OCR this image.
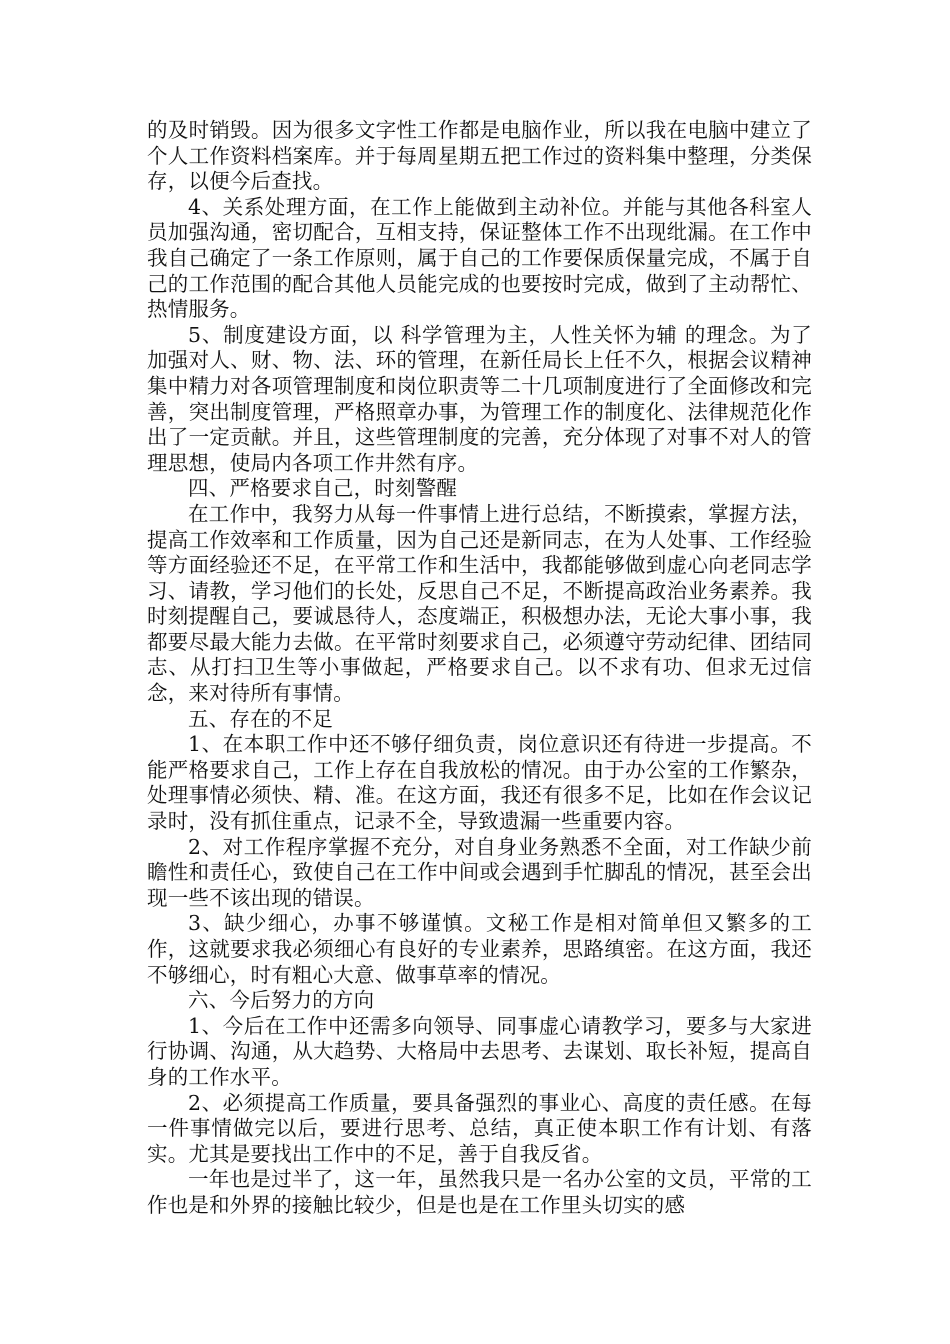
的及时销毁。因为很多文字性工作都是电脑作业，所以我在电脑中建立了个人工作资料档案库。并于每周星期五把工作过的资料集中整理，分类保存，以便今后查找。

4、关系处理方面，在工作上能做到主动补位。并能与其他各科室人员加强沟通，密切配合，互相支持，保证整体工作不出现纰漏。在工作中我自己确定了一条工作原则，属于自己的工作要保质保量完成，不属于自己的工作范围的配合其他人员能完成的也要按时完成，做到了主动帮忙、热情服务。

5、制度建设方面，以 科学管理为主，人性关怀为辅 的理念。为了加强对人、财、物、法、环的管理，在新任局长上任不久，根据会议精神集中精力对各项管理制度和岗位职责等二十几项制度进行了全面修改和完善，突出制度管理，严格照章办事，为管理工作的制度化、法律规范化作出了一定贡献。并且，这些管理制度的完善，充分体现了对事不对人的管理思想，使局内各项工作井然有序。

四、严格要求自己，时刻警醒

在工作中，我努力从每一件事情上进行总结，不断摸索，掌握方法，提高工作效率和工作质量，因为自己还是新同志，在为人处事、工作经验等方面经验还不足，在平常工作和生活中，我都能够做到虚心向老同志学习、请教，学习他们的长处，反思自己不足，不断提高政治业务素养。我时刻提醒自己，要诚恳待人，态度端正，积极想办法，无论大事小事，我都要尽最大能力去做。在平常时刻要求自己，必须遵守劳动纪律、团结同志、从打扫卫生等小事做起，严格要求自己。以不求有功、但求无过信念，来对待所有事情。

五、存在的不足

1、在本职工作中还不够仔细负责，岗位意识还有待进一步提高。不能严格要求自己，工作上存在自我放松的情况。由于办公室的工作繁杂，处理事情必须快、精、准。在这方面，我还有很多不足，比如在作会议记录时，没有抓住重点，记录不全，导致遗漏一些重要内容。

2、对工作程序掌握不充分，对自身业务熟悉不全面，对工作缺少前瞻性和责任心，致使自己在工作中间或会遇到手忙脚乱的情况，甚至会出现一些不该出现的错误。

3、缺少细心，办事不够谨慎。文秘工作是相对简单但又繁多的工作，这就要求我必须细心有良好的专业素养，思路缜密。在这方面，我还不够细心，时有粗心大意、做事草率的情况。

六、今后努力的方向

1、今后在工作中还需多向领导、同事虚心请教学习，要多与大家进行协调、沟通，从大趋势、大格局中去思考、去谋划、取长补短，提高自身的工作水平。

2、必须提高工作质量，要具备强烈的事业心、高度的责任感。在每一件事情做完以后，要进行思考、总结，真正使本职工作有计划、有落实。尤其是要找出工作中的不足，善于自我反省。

一年也是过半了，这一年，虽然我只是一名办公室的文员，平常的工作也是和外界的接触比较少，但是也是在工作里头切实的感
